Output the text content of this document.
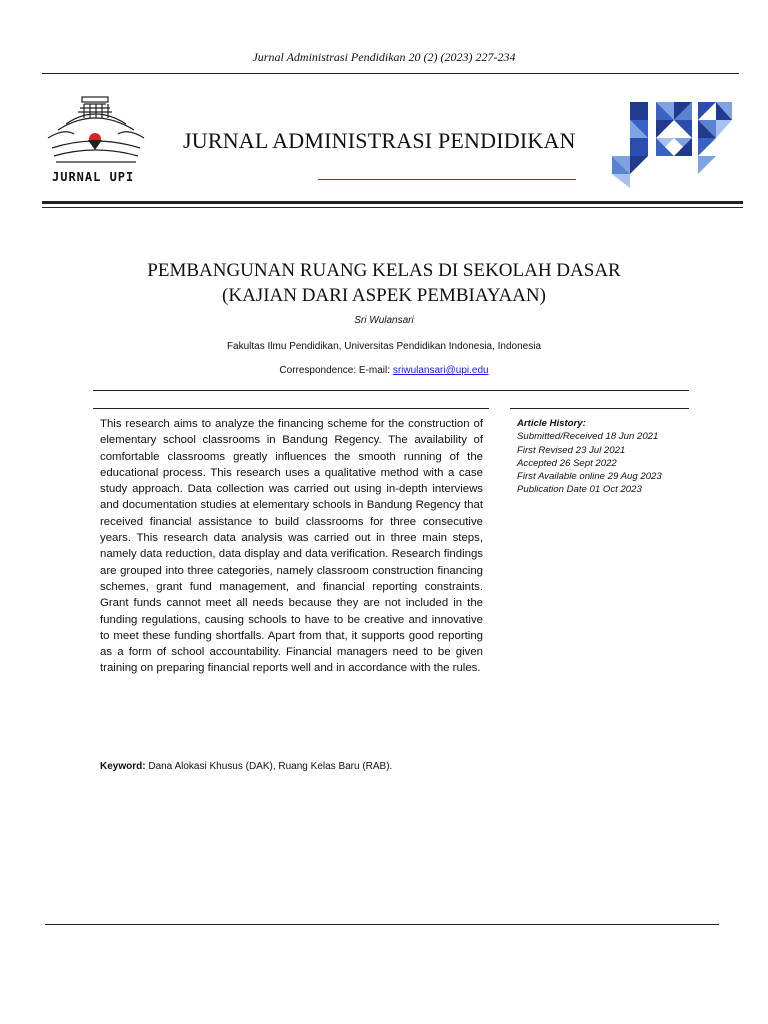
Jurnal Administrasi Pendidikan 20 (2) (2023) 227-234
JURNAL UPI
JURNAL ADMINISTRASI PENDIDIKAN
PEMBANGUNAN RUANG KELAS DI SEKOLAH DASAR
(KAJIAN DARI ASPEK PEMBIAYAAN)
Sri Wulansari
Fakultas Ilmu Pendidikan, Universitas Pendidikan Indonesia, Indonesia
Correspondence: E-mail: sriwulansari@upi.edu
This research aims to analyze the financing scheme for the construction of elementary school classrooms in Bandung Regency. The availability of comfortable classrooms greatly influences the smooth running of the educational process. This research uses a qualitative method with a case study approach. Data collection was carried out using in-depth interviews and documentation studies at elementary schools in Bandung Regency that received financial assistance to build classrooms for three consecutive years. This research data analysis was carried out in three main steps, namely data reduction, data display and data verification. Research findings are grouped into three categories, namely classroom construction financing schemes, grant fund management, and financial reporting constraints. Grant funds cannot meet all needs because they are not included in the funding regulations, causing schools to have to be creative and innovative to meet these funding shortfalls. Apart from that, it supports good reporting as a form of school accountability. Financial managers need to be given training on preparing financial reports well and in accordance with the rules.
Article History:
Submitted/Received 18 Jun 2021
First Revised 23 Jul 2021
Accepted 26 Sept 2022
First Available online 29 Aug 2023
Publication Date 01 Oct 2023
Keyword: Dana Alokasi Khusus (DAK), Ruang Kelas Baru (RAB).
